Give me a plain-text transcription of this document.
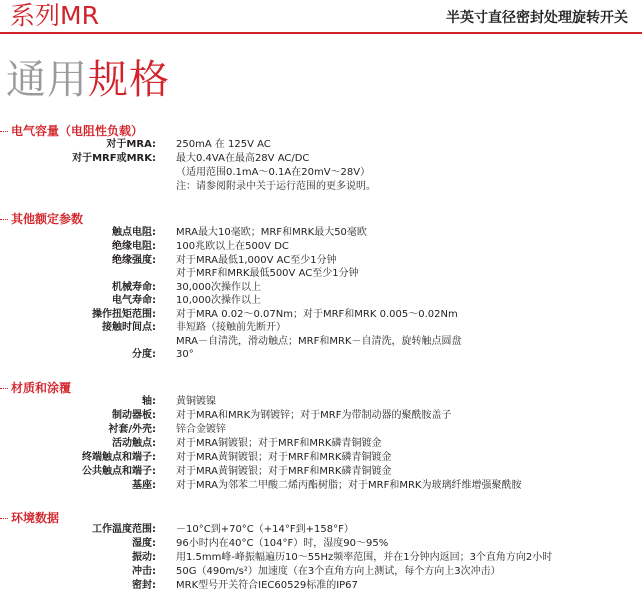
系列MR	半英寸直径密封处理旋转开关
通用规格
电气容量（电阻性负载）
对于MRA: 250mA 在 125V AC
对于MRF或MRK: 最大0.4VA在最高28V AC/DC
（适用范围0.1mA～0.1A在20mV～28V）
注：请参阅附录中关于运行范围的更多说明。
其他额定参数
触点电阻: MRA最大10毫欧；MRF和MRK最大50毫欧
绝缘电阻: 100兆欧以上在500V DC
绝缘强度: 对于MRA最低1,000V AC至少1分钟
对于MRF和MRK最低500V AC至少1分钟
机械寿命: 30,000次操作以上
电气寿命: 10,000次操作以上
操作扭矩范围: 对于MRA 0.02～0.07Nm；对于MRF和MRK 0.005～0.02Nm
接触时间点: 非短路（接触前先断开）
MRA－自清洗，滑动触点；MRF和MRK－自清洗，旋转触点圆盘
分度: 30°
材质和涂覆
轴: 黄铜镀镍
制动器板: 对于MRA和MRK为钢镀锌；对于MRF为带制动器的聚酰胺盖子
衬套/外壳: 锌合金镀锌
活动触点: 对于MRA铜镀银；对于MRF和MRK磷青铜镀金
终端触点和端子: 对于MRA黄铜镀银；对于MRF和MRK磷青铜镀金
公共触点和端子: 对于MRA黄铜镀银；对于MRF和MRK磷青铜镀金
基座: 对于MRA为邻苯二甲酸二烯丙酯树脂；对于MRF和MRK为玻璃纤维增强聚酰胺
环境数据
工作温度范围: －10°C到+70°C（+14°F到+158°F）
湿度: 96小时内在40°C（104°F）时，湿度90～95%
振动: 用1.5mm峰-峰振幅遍历10～55Hz频率范围，并在1分钟内返回；3个直角方向2小时
冲击: 50G（490m/s²）加速度（在3个直角方向上测试，每个方向上3次冲击）
密封: MRK型号开关符合IEC60529标准的IP67
